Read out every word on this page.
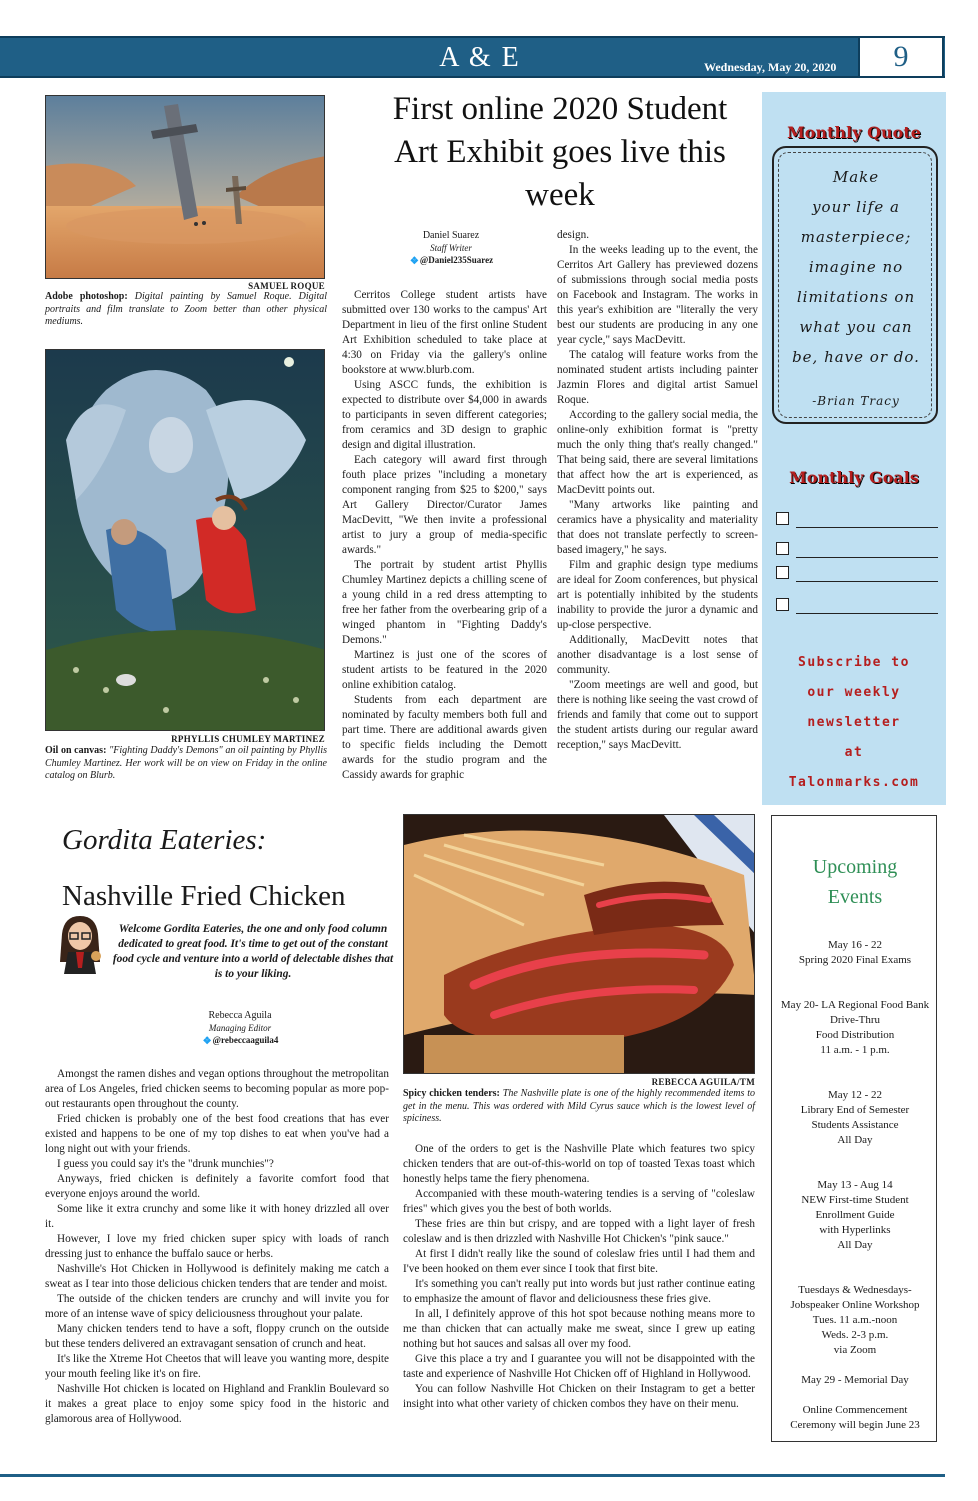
A & E	Wednesday, May 20, 2020	9
SAMUEL ROQUE
Adobe photoshop: Digital painting by Samuel Roque. Digital portraits and film translate to Zoom better than other physical mediums.
RPHYLLIS CHUMLEY MARTINEZ
Oil on canvas: "Fighting Daddy's Demons" an oil painting by Phyllis Chumley Martinez. Her work will be on view on Friday in the online catalog on Blurb.
First online 2020 Student Art Exhibit goes live this week
Daniel Suarez
Staff Writer
❖@Daniel235Suarez

Cerritos College student artists have submitted over 130 works to the campus' Art Department in lieu of the first online Student Art Exhibition scheduled to take place at 4:30 on Friday via the gallery's online bookstore at www.blurb.com.

Using ASCC funds, the exhibition is expected to distribute over $4,000 in awards to participants in seven different categories; from ceramics and 3D design to graphic design and digital illustration.

Each category will award first through fouth place prizes "including a monetary component ranging from $25 to $200," says Art Gallery Director/Curator James MacDevitt, "We then invite a professional artist to jury a group of media-specific awards."

The portrait by student artist Phyllis Chumley Martinez depicts a chilling scene of a young child in a red dress attempting to free her father from the overbearing grip of a winged phantom in "Fighting Daddy's Demons."

Martinez is just one of the scores of student artists to be featured in the 2020 online exhibition catalog.

Students from each department are nominated by faculty members both full and part time. There are additional awards given to specific fields including the Demott awards for the studio program and the Cassidy awards for graphic

design.

In the weeks leading up to the event, the Cerritos Art Gallery has previewed dozens of submissions through social media posts on Facebook and Instagram. The works in this year's exhibition are "literally the very best our students are producing in any one year cycle," says MacDevitt.

The catalog will feature works from the nominated student artists including painter Jazmin Flores and digital artist Samuel Roque.

According to the gallery social media, the online-only exhibition format is "pretty much the only thing that's really changed." That being said, there are several limitations that affect how the art is experienced, as MacDevitt points out.

"Many artworks like painting and ceramics have a physicality and materiality that does not translate perfectly to screen-based imagery," he says.

Film and graphic design type mediums are ideal for Zoom conferences, but physical art is potentially inhibited by the students inability to provide the juror a dynamic and up-close perspective.

Additionally, MacDevitt notes that another disadvantage is a lost sense of community.

"Zoom meetings are well and good, but there is nothing like seeing the vast crowd of friends and family that come out to support the student artists during our regular award reception," says MacDevitt.

Monthly Quote
Make
your life a
masterpiece;
imagine no
limitations on
what you can
be, have or do.
-Brian Tracy
Monthly Goals
Subscribe to
our weekly
newsletter
at
Talonmarks.com
Upcoming
Events
May 16 - 22
Spring 2020 Final Exams
May 20- LA Regional Food Bank Drive-Thru
Food Distribution
11 a.m. - 1 p.m.
May 12 - 22
Library End of Semester
Students Assistance
All Day
May 13 - Aug 14
NEW First-time Student
Enrollment Guide
with Hyperlinks
All Day
Tuesdays & Wednesdays-
Jobspeaker Online Workshop
Tues. 11 a.m.-noon
Weds. 2-3 p.m.
via Zoom
May 29 - Memorial Day
Online Commencement
Ceremony will begin June 23
Gordita Eateries:
Nashville Fried Chicken
Welcome Gordita Eateries, the one and only food column dedicated to great food. It's time to get out of the constant food cycle and venture into a world of delectable dishes that is to your liking.
Rebecca Aguila
Managing Editor
❖@rebeccaaguila4
REBECCA AGUILA/TM
Spicy chicken tenders: The Nashville plate is one of the highly recommended items to get in the menu. This was ordered with Mild Cyrus sauce which is the lowest level of spiciness.

Amongst the ramen dishes and vegan options throughout the metropolitan area of Los Angeles, fried chicken seems to becoming popular as more pop-out restaurants open throughout the county.

Fried chicken is probably one of the best food creations that has ever existed and happens to be one of my top dishes to eat when you've had a long night out with your friends.

I guess you could say it's the "drunk munchies"?

Anyways, fried chicken is definitely a favorite comfort food that everyone enjoys around the world.

Some like it extra crunchy and some like it with honey drizzled all over it.

However, I love my fried chicken super spicy with loads of ranch dressing just to enhance the buffalo sauce or herbs.

Nashville's Hot Chicken in Hollywood is definitely making me catch a sweat as I tear into those delicious chicken tenders that are tender and moist.

The outside of the chicken tenders are crunchy and will invite you for more of an intense wave of spicy deliciousness throughout your palate.

Many chicken tenders tend to have a soft, floppy crunch on the outside but these tenders delivered an extravagant sensation of crunch and heat.

It's like the Xtreme Hot Cheetos that will leave you wanting more, despite your mouth feeling like it's on fire.

Nashville Hot chicken is located on Highland and Franklin Boulevard so it makes a great place to enjoy some spicy food in the historic and glamorous area of Hollywood.

One of the orders to get is the Nashville Plate which features two spicy chicken tenders that are out-of-this-world on top of toasted Texas toast which honestly helps tame the fiery phenomena.

Accompanied with these mouth-watering tendies is a serving of "coleslaw fries" which gives you the best of both worlds.

These fries are thin but crispy, and are topped with a light layer of fresh coleslaw and is then drizzled with Nashville Hot Chicken's "pink sauce."

At first I didn't really like the sound of coleslaw fries until I had them and I've been hooked on them ever since I took that first bite.

It's something you can't really put into words but just rather continue eating to emphasize the amount of flavor and deliciousness these fries give.

In all, I definitely approve of this hot spot because nothing means more to me than chicken that can actually make me sweat, since I grew up eating nothing but hot sauces and salsas all over my food.

Give this place a try and I guarantee you will not be disappointed with the taste and experience of Nashville Hot Chicken off of Highland in Hollywood.

You can follow Nashville Hot Chicken on their Instagram to get a better insight into what other variety of chicken combos they have on their menu.
